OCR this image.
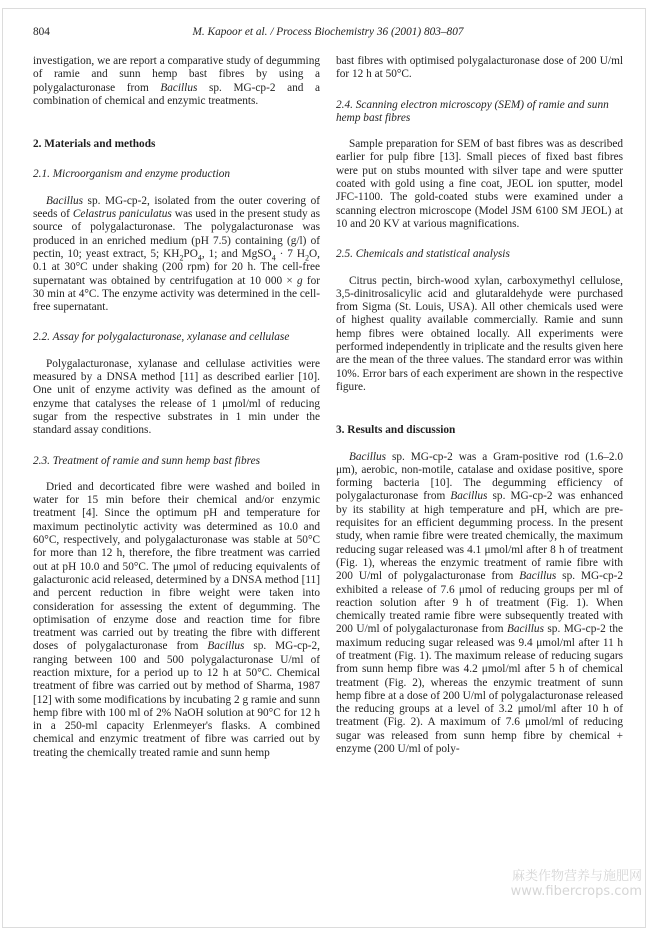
804	M. Kapoor et al. / Process Biochemistry 36 (2001) 803–807

investigation, we are report a comparative study of degumming of ramie and sunn hemp bast fibres by using a polygalacturonase from Bacillus sp. MG-cp-2 and a combination of chemical and enzymic treatments.

2. Materials and methods

2.1. Microorganism and enzyme production

Bacillus sp. MG-cp-2, isolated from the outer covering of seeds of Celastrus paniculatus was used in the present study as source of polygalacturonase. The polygalacturonase was produced in an enriched medium (pH 7.5) containing (g/l) of pectin, 10; yeast extract, 5; $KH_2PO_4$, 1; and MgSO$_4$ · 7 $H_2O$, 0.1 at 30°C under shaking (200 rpm) for 20 h. The cell-free supernatant was obtained by centrifugation at 10 000 × g for 30 min at 4°C. The enzyme activity was determined in the cell-free supernatant.

2.2. Assay for polygalacturonase, xylanase and cellulase

Polygalacturonase, xylanase and cellulase activities were measured by a DNSA method [11] as described earlier [10]. One unit of enzyme activity was defined as the amount of enzyme that catalyses the release of 1 μmol/ml of reducing sugar from the respective substrates in 1 min under the standard assay conditions.

2.3. Treatment of ramie and sunn hemp bast fibres

Dried and decorticated fibre were washed and boiled in water for 15 min before their chemical and/or enzymic treatment [4]. Since the optimum pH and temperature for maximum pectinolytic activity was determined as 10.0 and 60°C, respectively, and polygalacturonase was stable at 50°C for more than 12 h, therefore, the fibre treatment was carried out at pH 10.0 and 50°C. The μmol of reducing equivalents of galacturonic acid released, determined by a DNSA method [11] and percent reduction in fibre weight were taken into consideration for assessing the extent of degumming. The optimisation of enzyme dose and reaction time for fibre treatment was carried out by treating the fibre with different doses of polygalacturonase from Bacillus sp. MG-cp-2, ranging between 100 and 500 polygalacturonase U/ml of reaction mixture, for a period up to 12 h at 50°C. Chemical treatment of fibre was carried out by method of Sharma, 1987 [12] with some modifications by incubating 2 g ramie and sunn hemp fibre with 100 ml of 2% NaOH solution at 90°C for 12 h in a 250-ml capacity Erlenmeyer's flasks. A combined chemical and enzymic treatment of fibre was carried out by treating the chemically treated ramie and sunn hemp

bast fibres with optimised polygalacturonase dose of 200 U/ml for 12 h at 50°C.

2.4. Scanning electron microscopy (SEM) of ramie and sunn hemp bast fibres

Sample preparation for SEM of bast fibres was as described earlier for pulp fibre [13]. Small pieces of fixed bast fibres were put on stubs mounted with silver tape and were sputter coated with gold using a fine coat, JEOL ion sputter, model JFC-1100. The gold-coated stubs were examined under a scanning electron microscope (Model JSM 6100 SM JEOL) at 10 and 20 KV at various magnifications.

2.5. Chemicals and statistical analysis

Citrus pectin, birch-wood xylan, carboxymethyl cellulose, 3,5-dinitrosalicylic acid and glutaraldehyde were purchased from Sigma (St. Louis, USA). All other chemicals used were of highest quality available commercially. Ramie and sunn hemp fibres were obtained locally. All experiments were performed independently in triplicate and the results given here are the mean of the three values. The standard error was within 10%. Error bars of each experiment are shown in the respective figure.

3. Results and discussion

Bacillus sp. MG-cp-2 was a Gram-positive rod (1.6–2.0 μm), aerobic, non-motile, catalase and oxidase positive, spore forming bacteria [10]. The degumming efficiency of polygalacturonase from Bacillus sp. MG-cp-2 was enhanced by its stability at high temperature and pH, which are pre-requisites for an efficient degumming process. In the present study, when ramie fibre were treated chemically, the maximum reducing sugar released was 4.1 μmol/ml after 8 h of treatment (Fig. 1), whereas the enzymic treatment of ramie fibre with 200 U/ml of polygalacturonase from Bacillus sp. MG-cp-2 exhibited a release of 7.6 μmol of reducing groups per ml of reaction solution after 9 h of treatment (Fig. 1). When chemically treated ramie fibre were subsequently treated with 200 U/ml of polygalacturonase from Bacillus sp. MG-cp-2 the maximum reducing sugar released was 9.4 μmol/ml after 11 h of treatment (Fig. 1). The maximum release of reducing sugars from sunn hemp fibre was 4.2 μmol/ml after 5 h of chemical treatment (Fig. 2), whereas the enzymic treatment of sunn hemp fibre at a dose of 200 U/ml of polygalacturonase released the reducing groups at a level of 3.2 μmol/ml after 10 h of treatment (Fig. 2). A maximum of 7.6 μmol/ml of reducing sugar was released from sunn hemp fibre by chemical + enzyme (200 U/ml of poly-

麻类作物营养与施肥网
www.fibercrops.com
